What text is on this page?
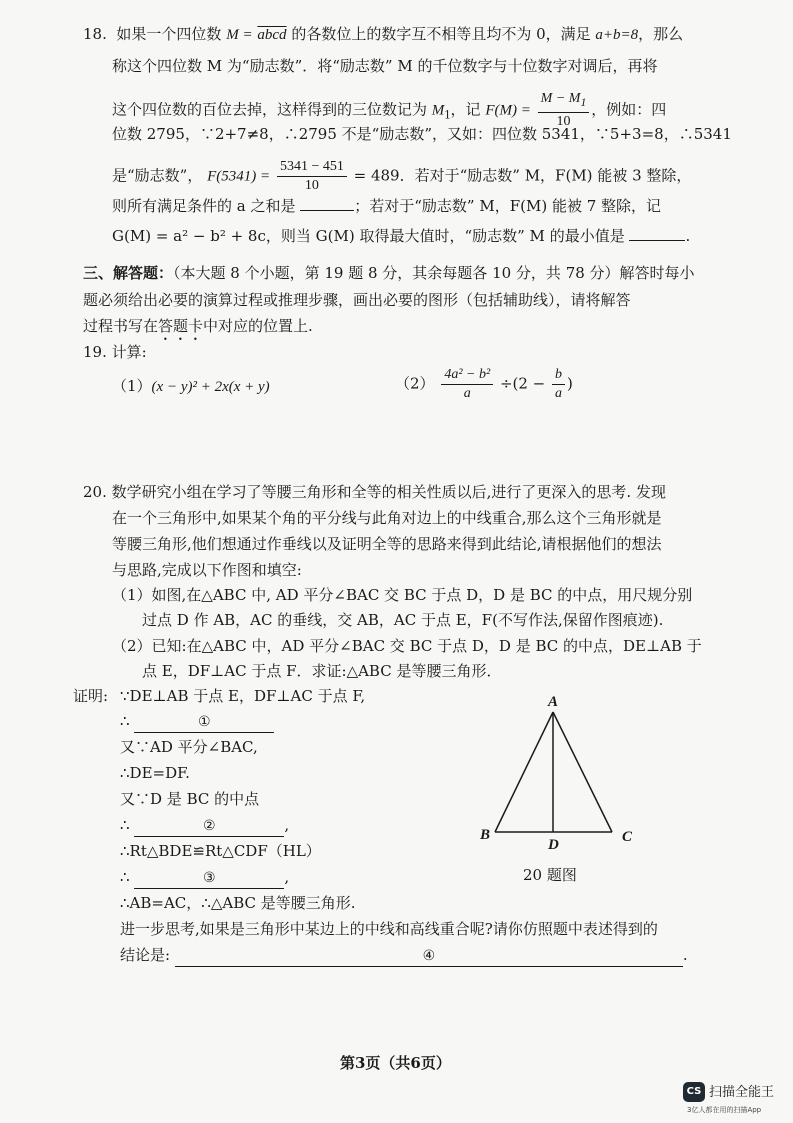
18. 如果一个四位数 M = abcd 的各数位上的数字互不相等且均不为 0，满足 a+b=8，那么
称这个四位数 M 为“励志数”．将“励志数” M 的千位数字与十位数字对调后，再将
这个四位数的百位去掉，这样得到的三位数记为 $M_1$，记 $F(M) = \frac{M - M_1}{10}$ ，例如：四
位数 2795，∵2+7≠8，∴2795 不是“励志数”，又如：四位数 5341，∵5+3=8，∴5341
是“励志数”， $F(5341) = \frac{5341 - 451}{10} = 489$．若对于“励志数” M，F(M) 能被 3 整除，
则所有满足条件的 a 之和是	；若对于“励志数” M，F(M) 能被 7 整除，记
G(M) = a² − b² + 8c，则当 G(M) 取得最大值时，“励志数” M 的最小值是	.
三、解答题：（本大题 8 个小题，第 19 题 8 分，其余每题各 10 分，共 78 分）解答时每小
题必须给出必要的演算过程或推理步骤，画出必要的图形（包括辅助线），请将解答
过程书写在答题卡中对应的位置上.
19. 计算:
（1）(x − y)² + 2x(x + y)	$(2) \frac{\text{4a² − b²}}{a} \div(2 - \frac{b}{a}$ )
20. 数学研究小组在学习了等腰三角形和全等的相关性质以后,进行了更深入的思考. 发现
在一个三角形中,如果某个角的平分线与此角对边上的中线重合,那么这个三角形就是
等腰三角形,他们想通过作垂线以及证明全等的思路来得到此结论,请根据他们的想法
与思路,完成以下作图和填空:
（1）如图,在△ABC 中, AD 平分∠BAC 交 BC 于点 D，D 是 BC 的中点，用尺规分别
过点 D 作 AB，AC 的垂线，交 AB，AC 于点 E，F(不写作法,保留作图痕迹).
（2）已知:在△ABC 中，AD 平分∠BAC 交 BC 于点 D，D 是 BC 的中点，DE⊥AB 于
点 E，DF⊥AC 于点 F．求证:△ABC 是等腰三角形．
证明: ∵DE⊥AB 于点 E，DF⊥AC 于点 F,
∴	①
又∵AD 平分∠BAC,
∴DE=DF.
又∵D 是 BC 的中点
∴	②	,
∴Rt△BDE≌Rt△CDF（HL）
∴	③	,
∴AB=AC，∴△ABC 是等腰三角形.
进一步思考,如果是三角形中某边上的中线和高线重合呢?请你仿照题中表述得到的
结论是:	④	.
A
B	C
D
20 题图
第3页（共6页）
CS 扫描全能王
3亿人都在用的扫描App
